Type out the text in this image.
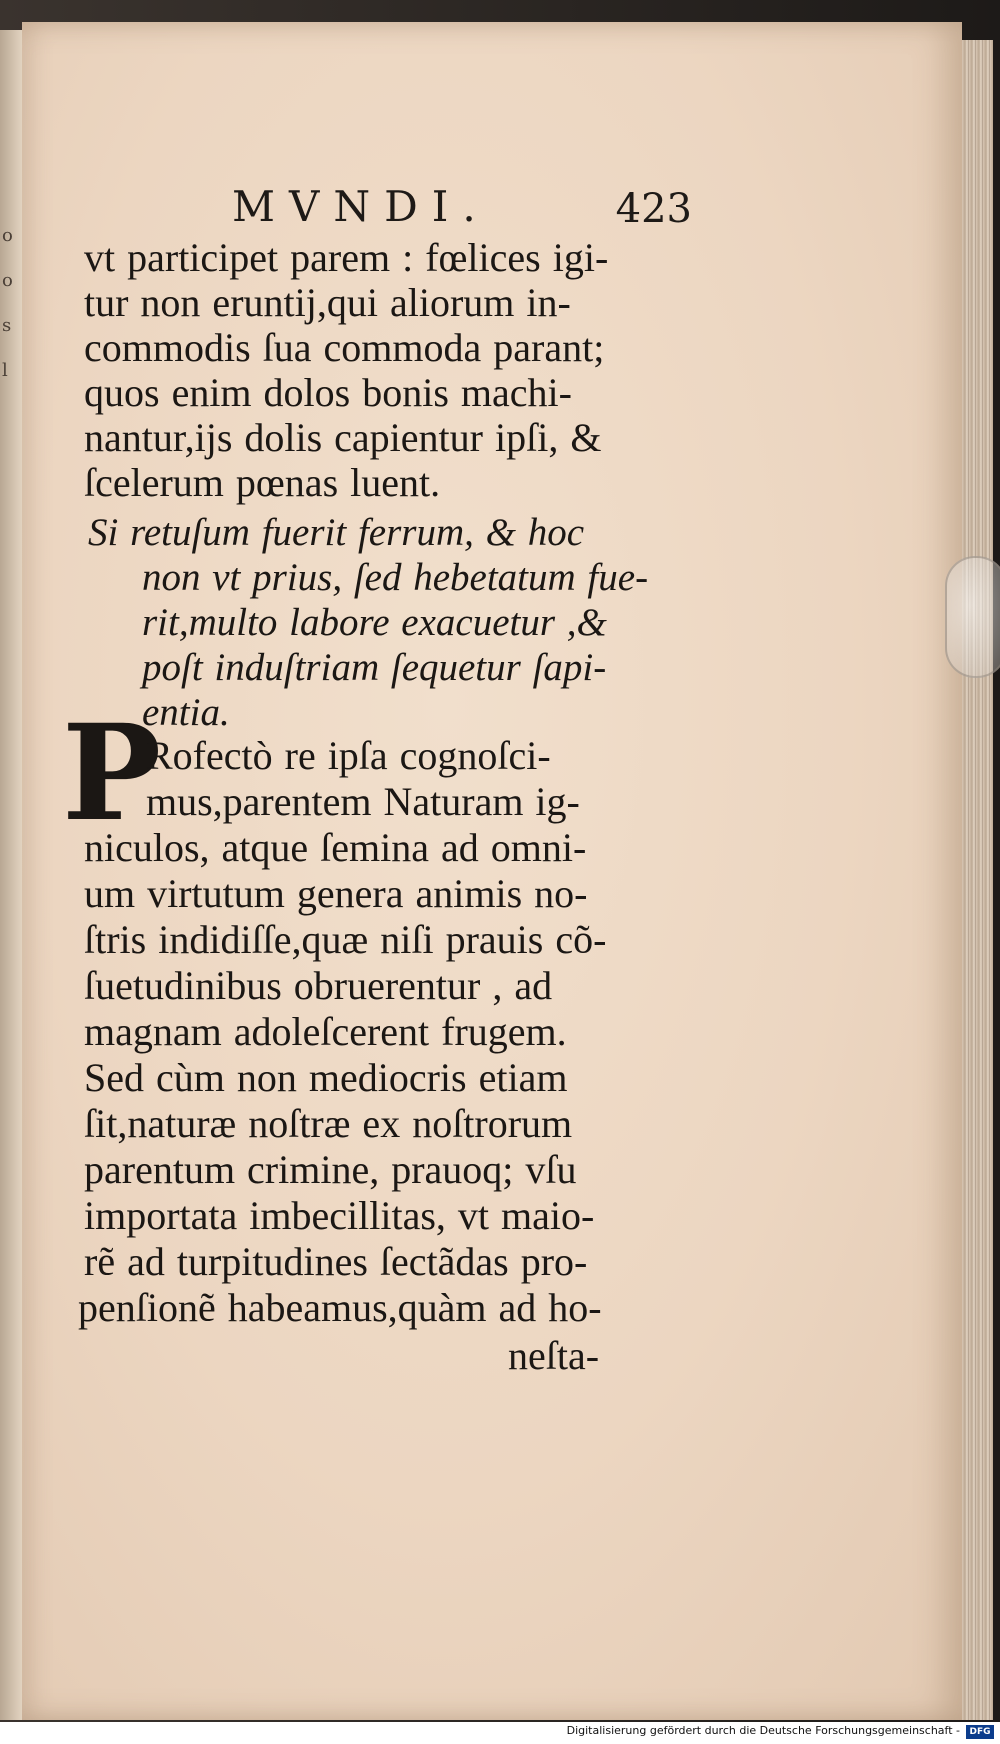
o
o
s
l
MVNDI.	423
vt participet parem : fœlices igi-
tur non eruntij,qui aliorum in-
commodis ſua commoda parant;
quos enim dolos bonis machi-
nantur,ijs dolis capientur ipſi, &
ſcelerum pœnas luent.
Si retuſum fuerit ferrum, & hoc
non vt prius, ſed hebetatum fue-
rit,multo labore exacuetur ,&
poſt induſtriam ſequetur ſapi-
entia.
P
Rofectò re ipſa cognoſci-
mus,parentem Naturam ig-
niculos, atque ſemina ad omni-
um virtutum genera animis no-
ſtris indidiſſe,quæ niſi prauis cõ-
ſuetudinibus obruerentur , ad
magnam adoleſcerent frugem.
Sed cùm non mediocris etiam
ſit,naturæ noſtræ ex noſtrorum
parentum crimine, prauoq; vſu
importata imbecillitas, vt maio-
rẽ ad turpitudines ſectãdas pro-
penſionẽ habeamus,quàm ad ho-
neſta-
Digitalisierung gefördert durch die Deutsche Forschungsgemeinschaft -	DFG
